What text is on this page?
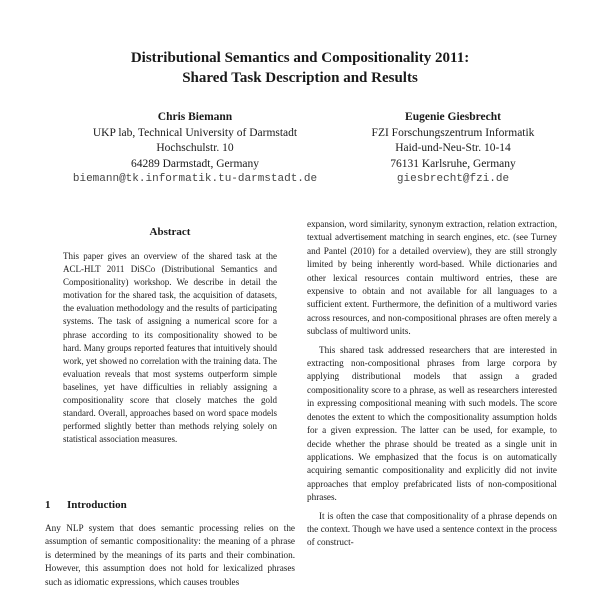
Distributional Semantics and Compositionality 2011:
Shared Task Description and Results
Chris Biemann
UKP lab, Technical University of Darmstadt
Hochschulstr. 10
64289 Darmstadt, Germany
biemann@tk.informatik.tu-darmstadt.de
Eugenie Giesbrecht
FZI Forschungszentrum Informatik
Haid-und-Neu-Str. 10-14
76131 Karlsruhe, Germany
giesbrecht@fzi.de
Abstract

This paper gives an overview of the shared task at the ACL-HLT 2011 DiSCo (Distributional Semantics and Compositionality) workshop. We describe in detail the motivation for the shared task, the acquisition of datasets, the evaluation methodology and the results of participating systems. The task of assigning a numerical score for a phrase according to its compositionality showed to be hard. Many groups reported features that intuitively should work, yet showed no correlation with the training data. The evaluation reveals that most systems outperform simple baselines, yet have difficulties in reliably assigning a compositionality score that closely matches the gold standard. Overall, approaches based on word space models performed slightly better than methods relying solely on statistical association measures.

1 Introduction

Any NLP system that does semantic processing relies on the assumption of semantic compositionality: the meaning of a phrase is determined by the meanings of its parts and their combination. However, this assumption does not hold for lexicalized phrases such as idiomatic expressions, which causes troubles

expansion, word similarity, synonym extraction, relation extraction, textual advertisement matching in search engines, etc. (see Turney and Pantel (2010) for a detailed overview), they are still strongly limited by being inherently word-based. While dictionaries and other lexical resources contain multiword entries, these are expensive to obtain and not available for all languages to a sufficient extent. Furthermore, the definition of a multiword varies across resources, and non-compositional phrases are often merely a subclass of multiword units.

This shared task addressed researchers that are interested in extracting non-compositional phrases from large corpora by applying distributional models that assign a graded compositionality score to a phrase, as well as researchers interested in expressing compositional meaning with such models. The score denotes the extent to which the compositionality assumption holds for a given expression. The latter can be used, for example, to decide whether the phrase should be treated as a single unit in applications. We emphasized that the focus is on automatically acquiring semantic compositionality and explicitly did not invite approaches that employ prefabricated lists of non-compositional phrases.

It is often the case that compositionality of a phrase depends on the context. Though we have used a sentence context in the process of construct-
